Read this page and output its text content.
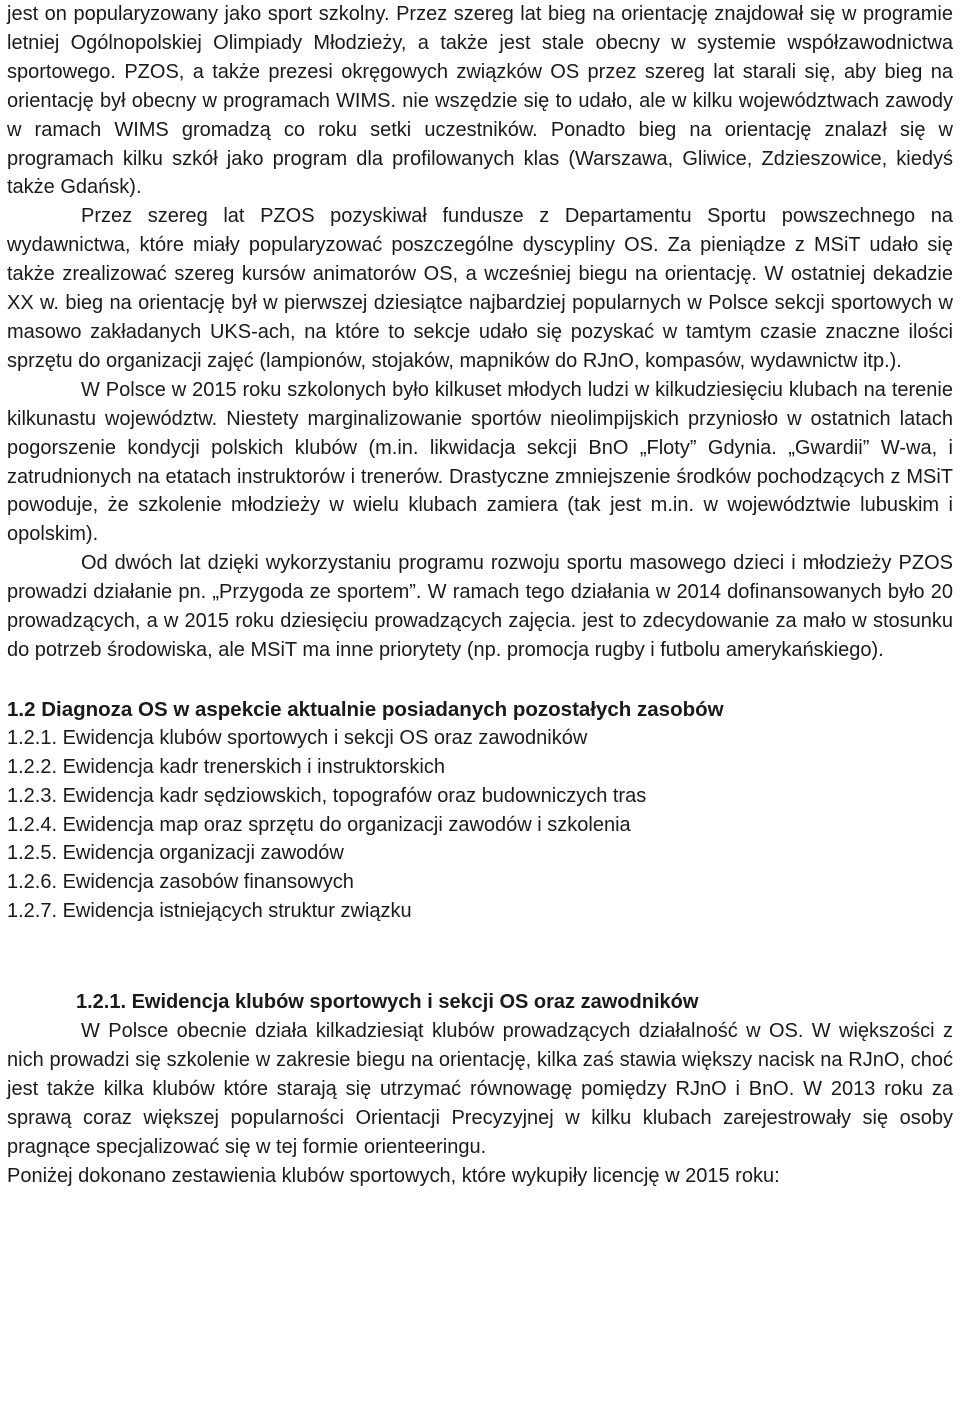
jest on popularyzowany jako sport szkolny. Przez szereg lat bieg na orientację znajdował się w programie letniej Ogólnopolskiej Olimpiady Młodzieży, a także jest stale obecny w systemie współzawodnictwa sportowego. PZOS, a także prezesi okręgowych związków OS przez szereg lat starali się, aby bieg na orientację był obecny w programach WIMS. nie wszędzie się to udało, ale w kilku województwach zawody w ramach WIMS gromadzą co roku setki uczestników. Ponadto bieg na orientację znalazł się w programach kilku szkół jako program dla profilowanych klas (Warszawa, Gliwice, Zdzieszowice, kiedyś także Gdańsk).

Przez szereg lat PZOS pozyskiwał fundusze z Departamentu Sportu powszechnego na wydawnictwa, które miały popularyzować poszczególne dyscypliny OS. Za pieniądze z MSiT udało się także zrealizować szereg kursów animatorów OS, a wcześniej biegu na orientację. W ostatniej dekadzie XX w. bieg na orientację był w pierwszej dziesiątce najbardziej popularnych w Polsce sekcji sportowych w masowo zakładanych UKS-ach, na które to sekcje udało się pozyskać w tamtym czasie znaczne ilości sprzętu do organizacji zajęć (lampionów, stojaków, mapników do RJnO, kompasów, wydawnictw itp.).

W Polsce w 2015 roku szkolonych było kilkuset młodych ludzi w kilkudziesięciu klubach na terenie kilkunastu województw. Niestety marginalizowanie sportów nieolimpijskich przyniosło w ostatnich latach pogorszenie kondycji polskich klubów (m.in. likwidacja sekcji BnO „Floty” Gdynia. „Gwardii” W-wa, i zatrudnionych na etatach instruktorów i trenerów. Drastyczne zmniejszenie środków pochodzących z MSiT powoduje, że szkolenie młodzieży w wielu klubach zamiera (tak jest m.in. w województwie lubuskim i opolskim).

Od dwóch lat dzięki wykorzystaniu programu rozwoju sportu masowego dzieci i młodzieży PZOS prowadzi działanie pn. „Przygoda ze sportem”. W ramach tego działania w 2014 dofinansowanych było 20 prowadzących, a w 2015 roku dziesięciu prowadzących zajęcia. jest to zdecydowanie za mało w stosunku do potrzeb środowiska, ale MSiT ma inne priorytety (np. promocja rugby i futbolu amerykańskiego).

1.2 Diagnoza OS w aspekcie aktualnie posiadanych pozostałych zasobów
1.2.1. Ewidencja klubów sportowych i sekcji OS oraz zawodników
1.2.2. Ewidencja kadr trenerskich i instruktorskich
1.2.3. Ewidencja kadr sędziowskich, topografów oraz budowniczych tras
1.2.4. Ewidencja map oraz sprzętu do organizacji zawodów i szkolenia
1.2.5. Ewidencja organizacji zawodów
1.2.6. Ewidencja zasobów finansowych
1.2.7. Ewidencja istniejących struktur związku
1.2.1. Ewidencja klubów sportowych i sekcji OS oraz zawodników

W Polsce obecnie działa kilkadziesiąt klubów prowadzących działalność w OS. W większości z nich prowadzi się szkolenie w zakresie biegu na orientację, kilka zaś stawia większy nacisk na RJnO, choć jest także kilka klubów które starają się utrzymać równowagę pomiędzy RJnO i BnO. W 2013 roku za sprawą coraz większej popularności Orientacji Precyzyjnej w kilku klubach zarejestrowały się osoby pragnące specjalizować się w tej formie orienteeringu.

Poniżej dokonano zestawienia klubów sportowych, które wykupiły licencję w 2015 roku:
